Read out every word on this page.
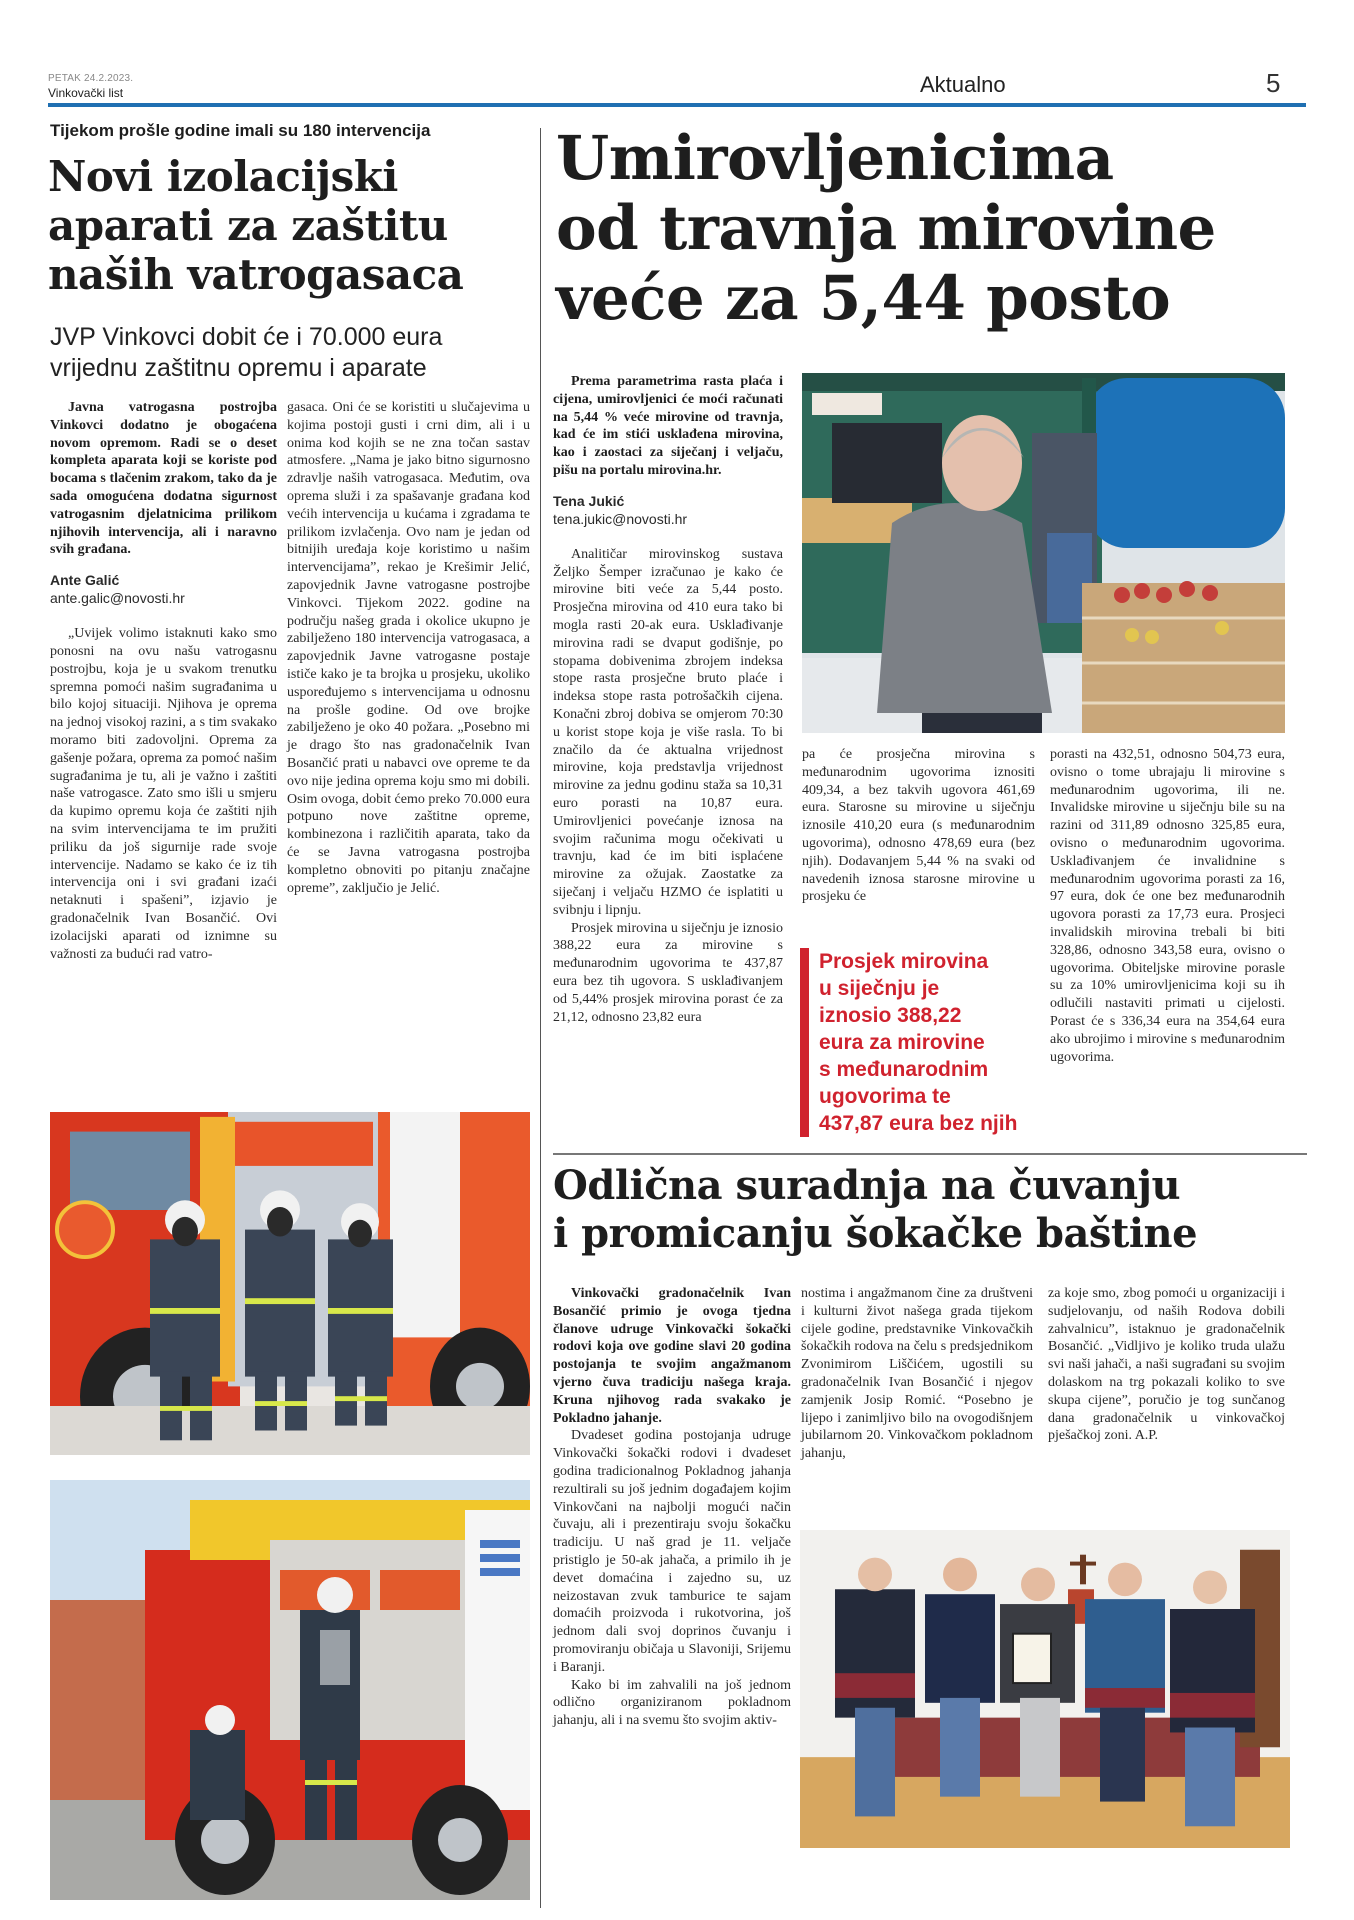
PETAK 24.2.2023.
Vinkovački list	Aktualno	5
Tijekom prošle godine imali su 180 intervencija
Novi izolacijski
aparati za zaštitu
naših vatrogasaca
JVP Vinkovci dobit će i 70.000 eura
vrijednu zaštitnu opremu i aparate

Javna vatrogasna postrojba Vinkovci dodatno je obogaćena novom opremom. Radi se o deset kompleta aparata koji se koriste pod bocama s tlačenim zrakom, tako da je sada omogućena dodatna sigurnost vatrogasnim djelatnicima prilikom njihovih intervencija, ali i naravno svih građana.

Ante Galić
ante.galic@novosti.hr

„Uvijek volimo istaknuti kako smo ponosni na ovu našu vatrogasnu postrojbu, koja je u svakom trenutku spremna pomoći našim sugrađanima u bilo kojoj situaciji. Njihova je oprema na jednoj visokoj razini, a s tim svakako moramo biti zadovoljni. Oprema za gašenje požara, oprema za pomoć našim sugrađanima je tu, ali je važno i zaštiti naše vatrogasce. Zato smo išli u smjeru da kupimo opremu koja će zaštiti njih na svim intervencijama te im pružiti priliku da još sigurnije rade svoje intervencije. Nadamo se kako će iz tih intervencija oni i svi građani izaći netaknuti i spašeni”, izjavio je gradonačelnik Ivan Bosančić. Ovi izolacijski aparati od iznimne su važnosti za budući rad vatro-

gasaca. Oni će se koristiti u slučajevima u kojima postoji gusti i crni dim, ali i u onima kod kojih se ne zna točan sastav atmosfere. „Nama je jako bitno sigurnosno zdravlje naših vatrogasaca. Međutim, ova oprema služi i za spašavanje građana kod većih intervencija u kućama i zgradama te prilikom izvlačenja. Ovo nam je jedan od bitnijih uređaja koje koristimo u našim intervencijama”, rekao je Krešimir Jelić, zapovjednik Javne vatrogasne postrojbe Vinkovci. Tijekom 2022. godine na području našeg grada i okolice ukupno je zabilježeno 180 intervencija vatrogasaca, a zapovjednik Javne vatrogasne postaje ističe kako je ta brojka u prosjeku, ukoliko uspoređujemo s intervencijama u odnosnu na prošle godine. Od ove brojke zabilježeno je oko 40 požara. „Posebno mi je drago što nas gradonačelnik Ivan Bosančić prati u nabavci ove opreme te da ovo nije jedina oprema koju smo mi dobili. Osim ovoga, dobit ćemo preko 70.000 eura potpuno nove zaštitne opreme, kombinezona i različitih aparata, tako da će se Javna vatrogasna postrojba kompletno obnoviti po pitanju značajne opreme”, zaključio je Jelić.

Umirovljenicima
od travnja mirovine
veće za 5,44 posto

Prema parametrima rasta plaća i cijena, umirovljenici će moći računati na 5,44 % veće mirovine od travnja, kad će im stići usklađena mirovina, kao i zaostaci za siječanj i veljaču, pišu na portalu mirovina.hr.

Tena Jukić
tena.jukic@novosti.hr

Analitičar mirovinskog sustava Željko Šemper izračunao je kako će mirovine biti veće za 5,44 posto. Prosječna mirovina od 410 eura tako bi mogla rasti 20-ak eura. Usklađivanje mirovina radi se dvaput godišnje, po stopama dobivenima zbrojem indeksa stope rasta prosječne bruto plaće i indeksa stope rasta potrošačkih cijena. Konačni zbroj dobiva se omjerom 70:30 u korist stope koja je više rasla. To bi značilo da će aktualna vrijednost mirovine, koja predstavlja vrijednost mirovine za jednu godinu staža sa 10,31 euro porasti na 10,87 eura. Umirovljenici povećanje iznosa na svojim računima mogu očekivati u travnju, kad će im biti isplaćene mirovine za ožujak. Zaostatke za siječanj i veljaču HZMO će isplatiti u svibnju i lipnju.

Prosjek mirovina u siječnju je iznosio 388,22 eura za mirovine s međunarodnim ugovorima te 437,87 eura bez tih ugovora. S usklađivanjem od 5,44% prosjek mirovina porast će za 21,12, odnosno 23,82 eura

pa će prosječna mirovina s međunarodnim ugovorima iznositi 409,34, a bez takvih ugovora 461,69 eura. Starosne su mirovine u siječnju iznosile 410,20 eura (s međunarodnim ugovorima), odnosno 478,69 eura (bez njih). Dodavanjem 5,44 % na svaki od navedenih iznosa starosne mirovine u prosjeku će

Prosjek mirovina
u siječnju je
iznosio 388,22
eura za mirovine
s međunarodnim
ugovorima te
437,87 eura bez njih

porasti na 432,51, odnosno 504,73 eura, ovisno o tome ubrajaju li mirovine s međunarodnim ugovorima, ili ne. Invalidske mirovine u siječnju bile su na razini od 311,89 odnosno 325,85 eura, ovisno o međunarodnim ugovorima. Usklađivanjem će invalidnine s međunarodnim ugovorima porasti za 16, 97 eura, dok će one bez međunarodnih ugovora porasti za 17,73 eura. Prosjeci invalidskih mirovina trebali bi biti 328,86, odnosno 343,58 eura, ovisno o ugovorima. Obiteljske mirovine porasle su za 10% umirovljenicima koji su ih odlučili nastaviti primati u cijelosti. Porast će s 336,34 eura na 354,64 eura ako ubrojimo i mirovine s međunarodnim ugovorima.

Odlična suradnja na čuvanju
i promicanju šokačke baštine

Vinkovački gradonačelnik Ivan Bosančić primio je ovoga tjedna članove udruge Vinkovački šokački rodovi koja ove godine slavi 20 godina postojanja te svojim angažmanom vjerno čuva tradiciju našega kraja. Kruna njihovog rada svakako je Pokladno jahanje.

Dvadeset godina postojanja udruge Vinkovački šokački rodovi i dvadeset godina tradicionalnog Pokladnog jahanja rezultirali su još jednim događajem kojim Vinkovčani na najbolji mogući način čuvaju, ali i prezentiraju svoju šokačku tradiciju. U naš grad je 11. veljače pristiglo je 50-ak jahača, a primilo ih je devet domaćina i zajedno su, uz neizostavan zvuk tamburice te sajam domaćih proizvoda i rukotvorina, još jednom dali svoj doprinos čuvanju i promoviranju običaja u Slavoniji, Srijemu i Baranji.

Kako bi im zahvalili na još jednom odlično organiziranom pokladnom jahanju, ali i na svemu što svojim aktiv-

nostima i angažmanom čine za društveni i kulturni život našega grada tijekom cijele godine, predstavnike Vinkovačkih šokačkih rodova na čelu s predsjednikom Zvonimirom Liščićem, ugostili su gradonačelnik Ivan Bosančić i njegov zamjenik Josip Romić. “Posebno je lijepo i zanimljivo bilo na ovogodišnjem jubilarnom 20. Vinkovačkom pokladnom jahanju,

za koje smo, zbog pomoći u organizaciji i sudjelovanju, od naših Rodova dobili zahvalnicu”, istaknuo je gradonačelnik Bosančić. „Vidljivo je koliko truda ulažu svi naši jahači, a naši sugrađani su svojim dolaskom na trg pokazali koliko to sve skupa cijene”, poručio je tog sunčanog dana gradonačelnik u vinkovačkoj pješačkoj zoni. A.P.
